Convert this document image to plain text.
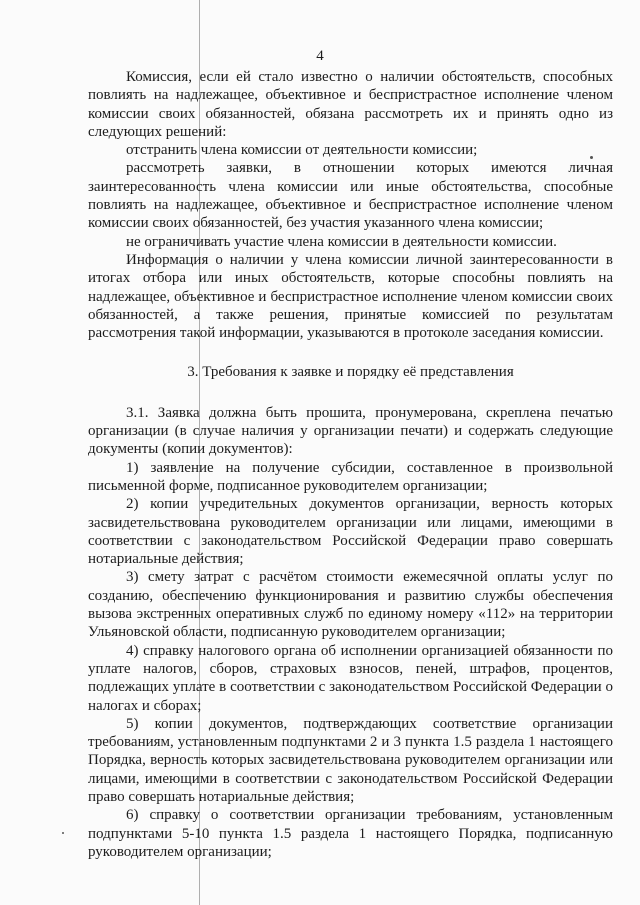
4

Комиссия, если ей стало известно о наличии обстоятельств, способных повлиять на надлежащее, объективное и беспристрастное исполнение членом комиссии своих обязанностей, обязана рассмотреть их и принять одно из следующих решений:

отстранить члена комиссии от деятельности комиссии;

рассмотреть заявки, в отношении которых имеются личная заинтересованность члена комиссии или иные обстоятельства, способные повлиять на надлежащее, объективное и беспристрастное исполнение членом комиссии своих обязанностей, без участия указанного члена комиссии;

не ограничивать участие члена комиссии в деятельности комиссии.

Информация о наличии у члена комиссии личной заинтересованности в итогах отбора или иных обстоятельств, которые способны повлиять на надлежащее, объективное и беспристрастное исполнение членом комиссии своих обязанностей, а также решения, принятые комиссией по результатам рассмотрения такой информации, указываются в протоколе заседания комиссии.

3. Требования к заявке и порядку её представления

3.1. Заявка должна быть прошита, пронумерована, скреплена печатью организации (в случае наличия у организации печати) и содержать следующие документы (копии документов):

1) заявление на получение субсидии, составленное в произвольной письменной форме, подписанное руководителем организации;

2) копии учредительных документов организации, верность которых засвидетельствована руководителем организации или лицами, имеющими в соответствии с законодательством Российской Федерации право совершать нотариальные действия;

3) смету затрат с расчётом стоимости ежемесячной оплаты услуг по созданию, обеспечению функционирования и развитию службы обеспечения вызова экстренных оперативных служб по единому номеру «112» на территории Ульяновской области, подписанную руководителем организации;

4) справку налогового органа об исполнении организацией обязанности по уплате налогов, сборов, страховых взносов, пеней, штрафов, процентов, подлежащих уплате в соответствии с законодательством Российской Федерации о налогах и сборах;

5) копии документов, подтверждающих соответствие организации требованиям, установленным подпунктами 2 и 3 пункта 1.5 раздела 1 настоящего Порядка, верность которых засвидетельствована руководителем организации или лицами, имеющими в соответствии с законодательством Российской Федерации право совершать нотариальные действия;

6) справку о соответствии организации требованиям, установленным подпунктами 5-10 пункта 1.5 раздела 1 настоящего Порядка, подписанную руководителем организации;
